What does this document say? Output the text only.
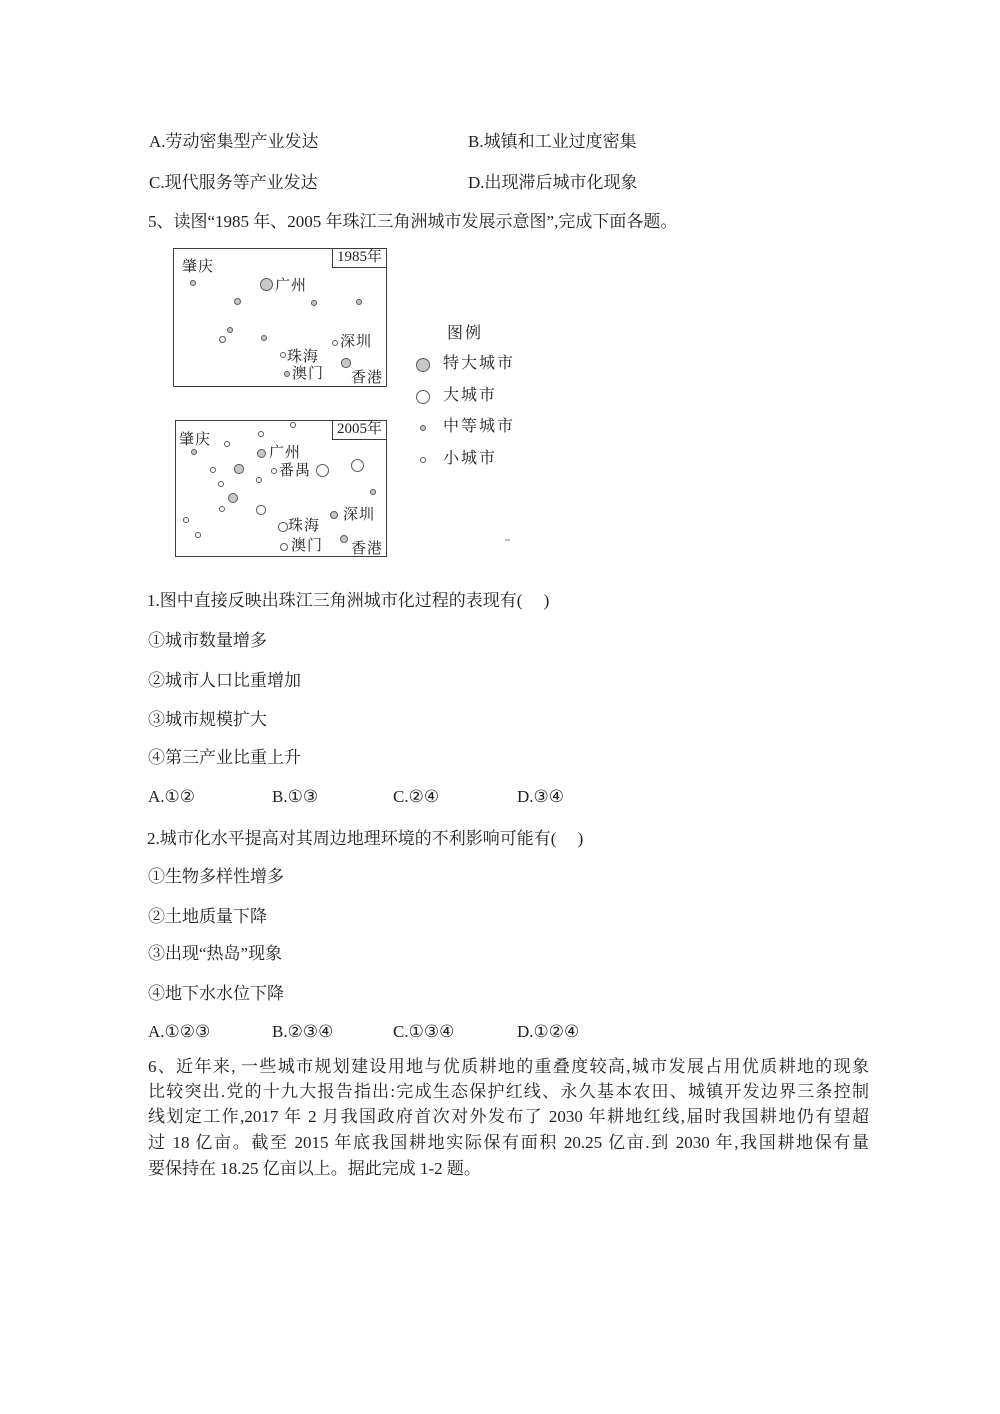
A.劳动密集型产业发达	B.城镇和工业过度密集
C.现代服务等产业发达	D.出现滞后城市化现象
5、读图“1985 年、2005 年珠江三角洲城市发展示意图”,完成下面各题。
1985年
肇庆
广州
珠海
深圳
澳门 香港
2005年
肇庆
广州
番禺
珠海
深圳
澳门 香港
图例
特大城市
大城市
中等城市
小城市
1.图中直接反映出珠江三角洲城市化过程的表现有(　 )
①城市数量增多
②城市人口比重增加
③城市规模扩大
④第三产业比重上升
A.①②	B.①③	C.②④	D.③④
2.城市化水平提高对其周边地理环境的不利影响可能有(　 )
①生物多样性增多
②土地质量下降
③出现“热岛”现象
④地下水水位下降
A.①②③	B.②③④	C.①③④	D.①②④
6、近年来, 一些城市规划建设用地与优质耕地的重叠度较高,城市发展占用优质耕地的现象
比较突出.党的十九大报告指出:完成生态保护红线、永久基本农田、城镇开发边界三条控制
线划定工作,2017 年 2 月我国政府首次对外发布了 2030 年耕地红线,届时我国耕地仍有望超
过 18 亿亩。截至 2015 年底我国耕地实际保有面积 20.25 亿亩.到 2030 年,我国耕地保有量
要保持在 18.25 亿亩以上。据此完成 1-2 题。
